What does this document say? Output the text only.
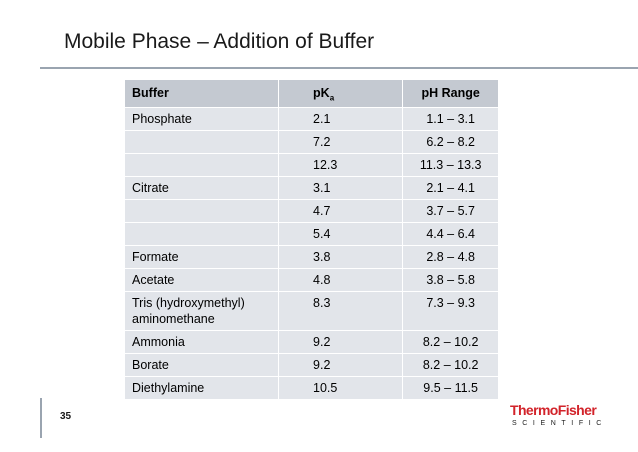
Mobile Phase – Addition of Buffer
Buffer	$pK_a$	pH Range
Phosphate	2.1	1.1 – 3.1
	7.2	6.2 – 8.2
	12.3	11.3 – 13.3
Citrate	3.1	2.1 – 4.1
	4.7	3.7 – 5.7
	5.4	4.4 – 6.4
Formate	3.8	2.8 – 4.8
Acetate	4.8	3.8 – 5.8
Tris (hydroxymethyl) aminomethane	8.3	7.3 – 9.3
Ammonia	9.2	8.2 – 10.2
Borate	9.2	8.2 – 10.2
Diethylamine	10.5	9.5 – 11.5
35	ThermoFisher
SCIENTIFIC
